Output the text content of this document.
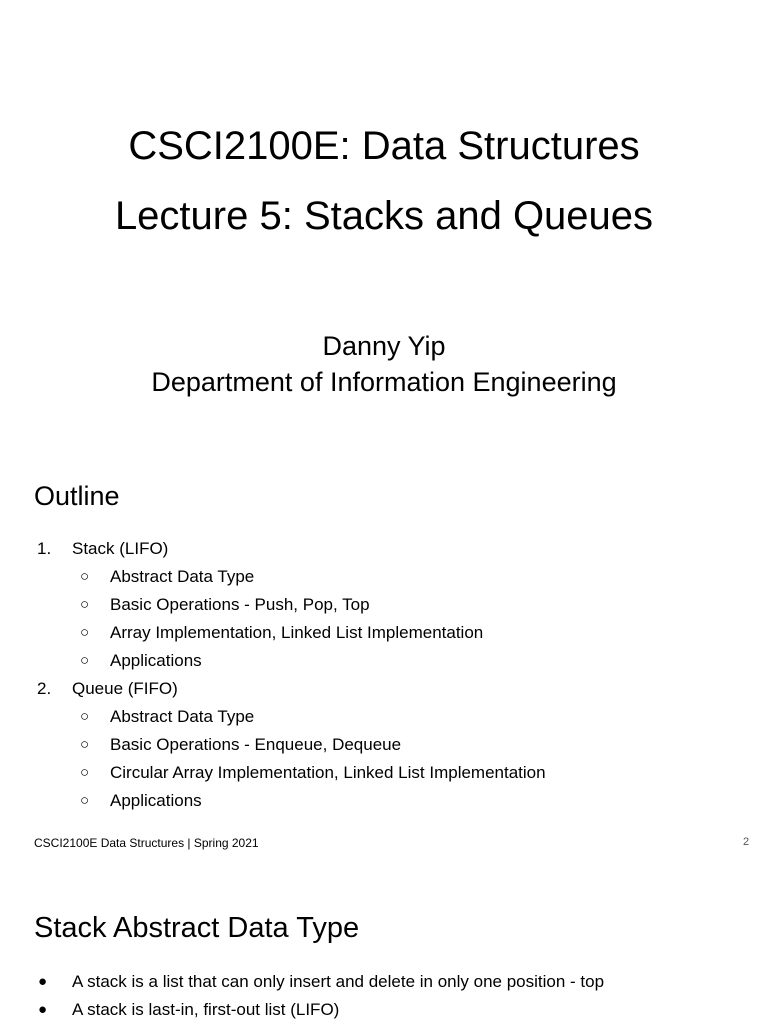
CSCI2100E: Data Structures
Lecture 5: Stacks and Queues
Danny Yip
Department of Information Engineering
Outline
1. Stack (LIFO)
○ Abstract Data Type
○ Basic Operations - Push, Pop, Top
○ Array Implementation, Linked List Implementation
○ Applications
2. Queue (FIFO)
○ Abstract Data Type
○ Basic Operations - Enqueue, Dequeue
○ Circular Array Implementation, Linked List Implementation
○ Applications
CSCI2100E Data Structures | Spring 2021	2
Stack Abstract Data Type
● A stack is a list that can only insert and delete in only one position - top
● A stack is last-in, first-out list (LIFO)
